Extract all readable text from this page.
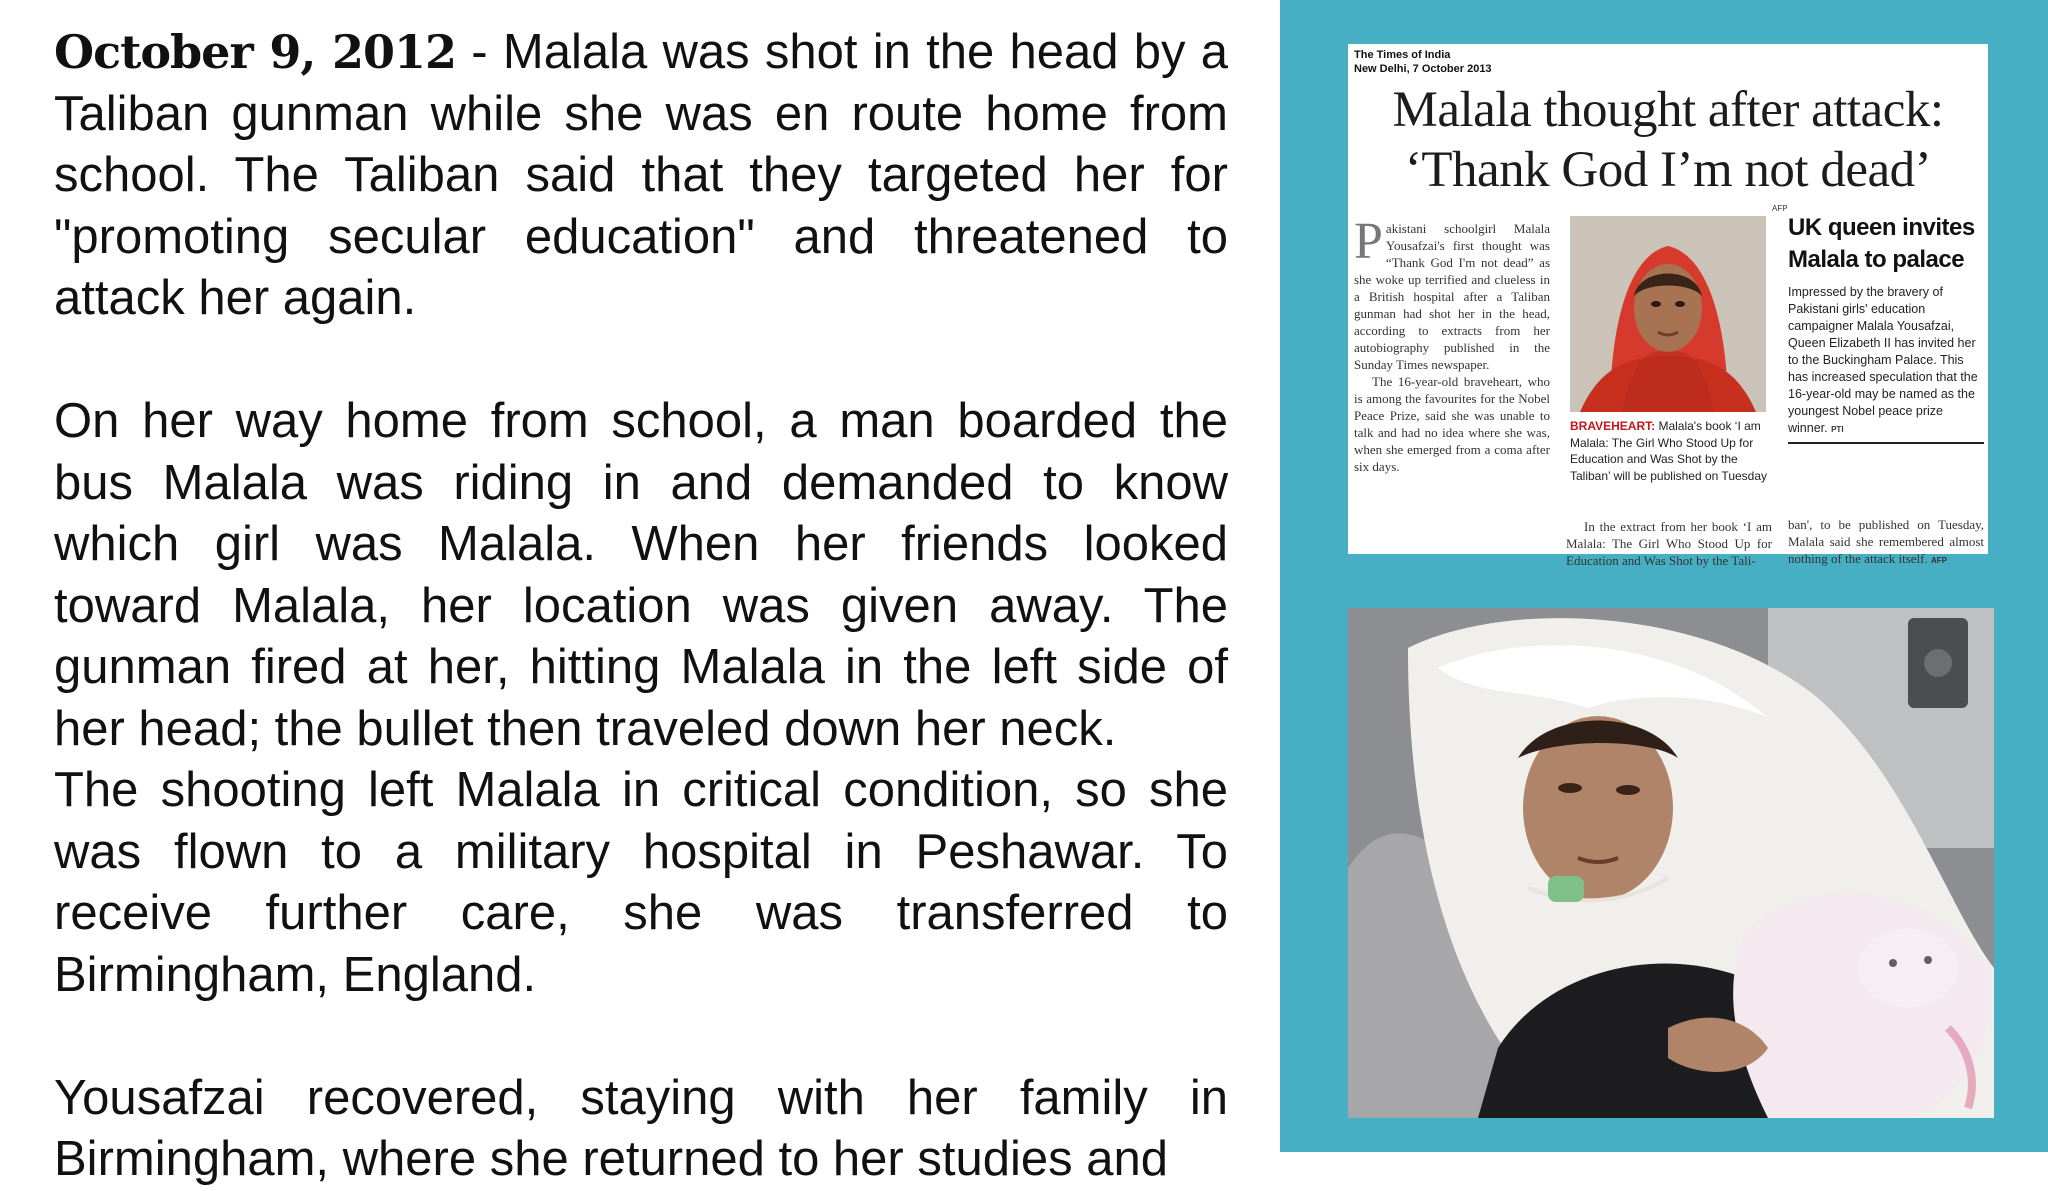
October 9, 2012 - Malala was shot in the head by a Taliban gunman while she was en route home from school. The Taliban said that they targeted her for "promoting secular education" and threatened to attack her again.

On her way home from school, a man boarded the bus Malala was riding in and demanded to know which girl was Malala. When her friends looked toward Malala, her location was given away. The gunman fired at her, hitting Malala in the left side of her head; the bullet then traveled down her neck.

The shooting left Malala in critical condition, so she was flown to a military hospital in Peshawar. To receive further care, she was transferred to Birmingham, England.

Yousafzai recovered, staying with her family in Birmingham, where she returned to her studies and

The Times of India
New Delhi, 7 October 2013
Malala thought after attack:
‘Thank God I’m not dead’
AFP
Pakistani schoolgirl Malala Yousafzai's first thought was “Thank God I'm not dead” as she woke up terrified and clueless in a British hospital after a Taliban gunman had shot her in the head, according to extracts from her autobiography published in the Sunday Times newspaper.
The 16-year-old braveheart, who is among the favourites for the Nobel Peace Prize, said she was unable to talk and had no idea where she was, when she emerged from a coma after six days.
BRAVEHEART: Malala's book ‘I am Malala: The Girl Who Stood Up for Education and Was Shot by the Taliban’ will be published on Tuesday
In the extract from her book ‘I am Malala: The Girl Who Stood Up for Education and Was Shot by the Tali-
UK queen invites
Malala to palace
Impressed by the bravery of Pakistani girls' education campaigner Malala Yousafzai, Queen Elizabeth II has invited her to the Buckingham Palace. This has increased speculation that the 16-year-old may be named as the youngest Nobel peace prize winner. PTI
ban', to be published on Tuesday, Malala said she remembered almost nothing of the attack itself. AFP
